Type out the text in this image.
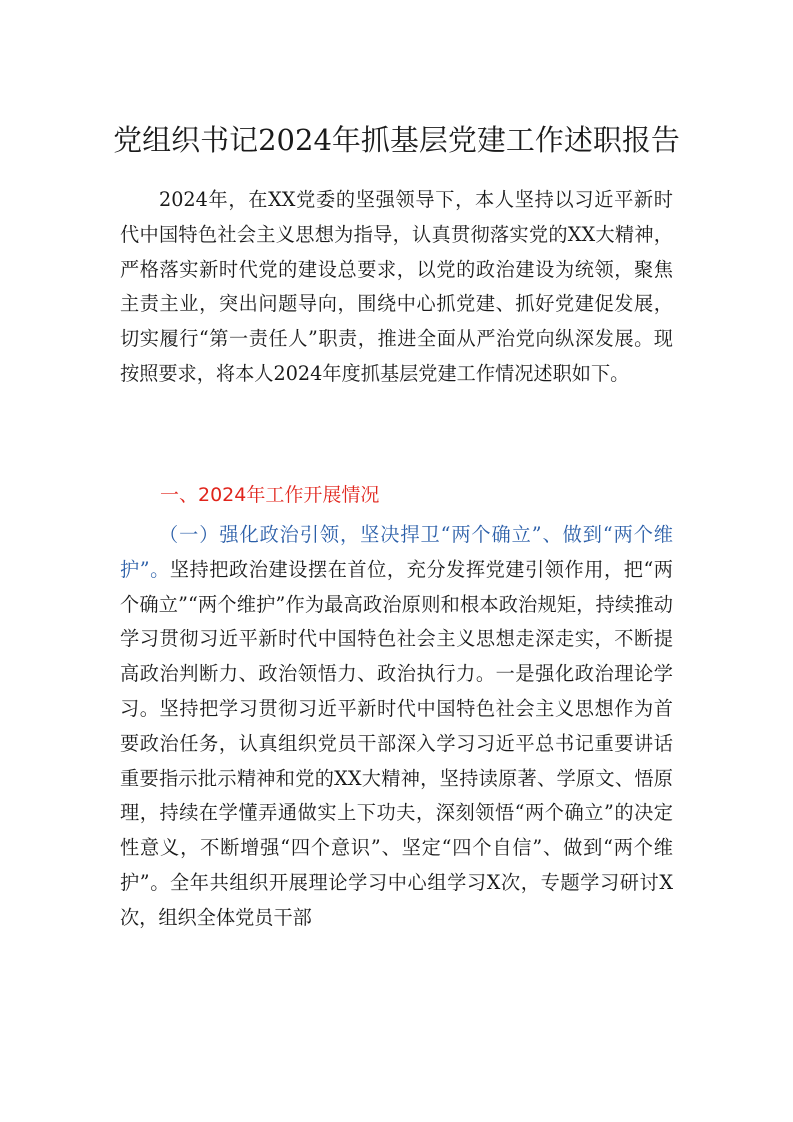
党组织书记2024年抓基层党建工作述职报告

2024年，在XX党委的坚强领导下，本人坚持以习近平新时代中国特色社会主义思想为指导，认真贯彻落实党的XX大精神，严格落实新时代党的建设总要求，以党的政治建设为统领，聚焦主责主业，突出问题导向，围绕中心抓党建、抓好党建促发展，切实履行“第一责任人”职责，推进全面从严治党向纵深发展。现按照要求，将本人2024年度抓基层党建工作情况述职如下。

一、2024年工作开展情况

（一）强化政治引领，坚决捍卫“两个确立”、做到“两个维护”。坚持把政治建设摆在首位，充分发挥党建引领作用，把“两个确立”“两个维护”作为最高政治原则和根本政治规矩，持续推动学习贯彻习近平新时代中国特色社会主义思想走深走实，不断提高政治判断力、政治领悟力、政治执行力。一是强化政治理论学习。坚持把学习贯彻习近平新时代中国特色社会主义思想作为首要政治任务，认真组织党员干部深入学习习近平总书记重要讲话重要指示批示精神和党的XX大精神，坚持读原著、学原文、悟原理，持续在学懂弄通做实上下功夫，深刻领悟“两个确立”的决定性意义，不断增强“四个意识”、坚定“四个自信”、做到“两个维护”。全年共组织开展理论学习中心组学习X次，专题学习研讨X次，组织全体党员干部
